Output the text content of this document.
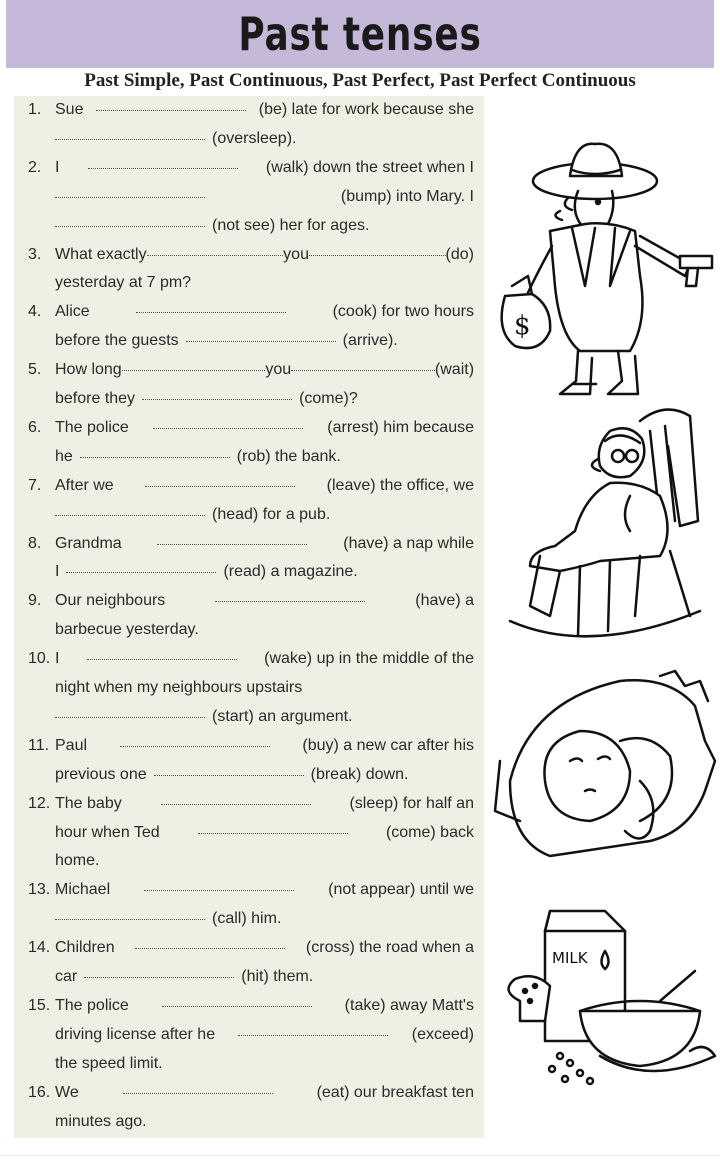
Past tenses
Past Simple, Past Continuous, Past Perfect, Past Perfect Continuous
1. Sue	(be) late for work because she
(oversleep).
2. I	(walk) down the street when I
(bump) into Mary. I
(not see) her for ages.
3. What exactly	you	(do)
yesterday at 7 pm?
4. Alice	(cook) for two hours
before the guests	(arrive).
5. How long	you	(wait)
before they	(come)?
6. The police	(arrest) him because
he	(rob) the bank.
7. After we	(leave) the office, we
(head) for a pub.
8. Grandma	(have) a nap while
I	(read) a magazine.
9. Our neighbours	(have) a
barbecue yesterday.
10. I	(wake) up in the middle of the
night when my neighbours upstairs
(start) an argument.
11. Paul	(buy) a new car after his
previous one	(break) down.
12. The baby	(sleep) for half an
hour when Ted	(come) back
home.
13. Michael	(not appear) until we
(call) him.
14. Children	(cross) the road when a
car	(hit) them.
15. The police	(take) away Matt's
driving license after he	(exceed)
the speed limit.
16. We	(eat) our breakfast ten
minutes ago.
$
MILK
